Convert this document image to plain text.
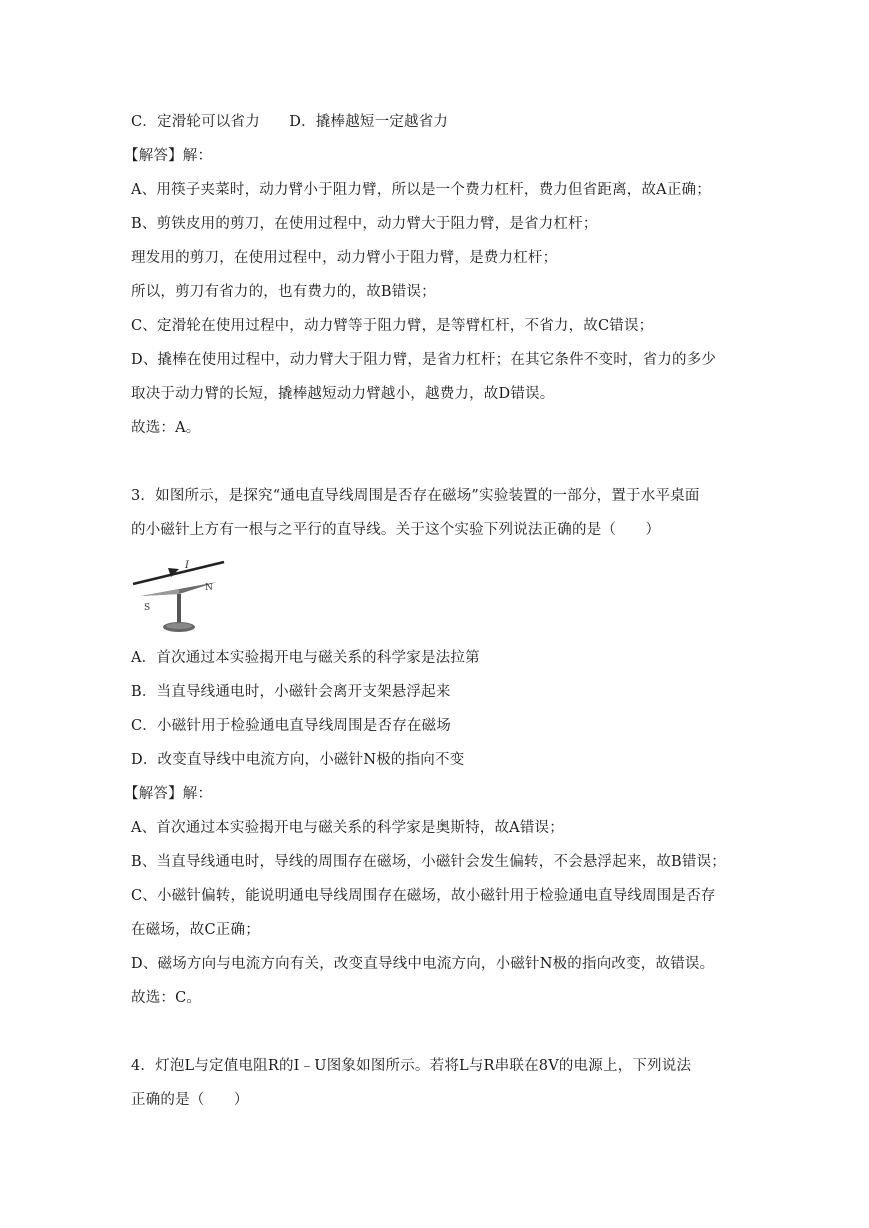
C．定滑轮可以省力　　D．撬棒越短一定越省力
【解答】解：
A、用筷子夹菜时，动力臂小于阻力臂，所以是一个费力杠杆，费力但省距离，故A正确；
B、剪铁皮用的剪刀，在使用过程中，动力臂大于阻力臂，是省力杠杆；
理发用的剪刀，在使用过程中，动力臂小于阻力臂，是费力杠杆；
所以，剪刀有省力的，也有费力的，故B错误；
C、定滑轮在使用过程中，动力臂等于阻力臂，是等臂杠杆，不省力，故C错误；
D、撬棒在使用过程中，动力臂大于阻力臂，是省力杠杆；在其它条件不变时，省力的多少
取决于动力臂的长短，撬棒越短动力臂越小，越费力，故D错误。
故选：A。
3．如图所示，是探究“通电直导线周围是否存在磁场”实验装置的一部分，置于水平桌面
的小磁针上方有一根与之平行的直导线。关于这个实验下列说法正确的是（　　）
I
N
S
A．首次通过本实验揭开电与磁关系的科学家是法拉第
B．当直导线通电时，小磁针会离开支架悬浮起来
C．小磁针用于检验通电直导线周围是否存在磁场
D．改变直导线中电流方向，小磁针N极的指向不变
【解答】解：
A、首次通过本实验揭开电与磁关系的科学家是奥斯特，故A错误；
B、当直导线通电时，导线的周围存在磁场，小磁针会发生偏转，不会悬浮起来，故B错误；
C、小磁针偏转，能说明通电导线周围存在磁场，故小磁针用于检验通电直导线周围是否存
在磁场，故C正确；
D、磁场方向与电流方向有关，改变直导线中电流方向，小磁针N极的指向改变，故错误。
故选：C。
4．灯泡L与定值电阻R的I﹣U图象如图所示。若将L与R串联在8V的电源上，下列说法
正确的是（　　）
